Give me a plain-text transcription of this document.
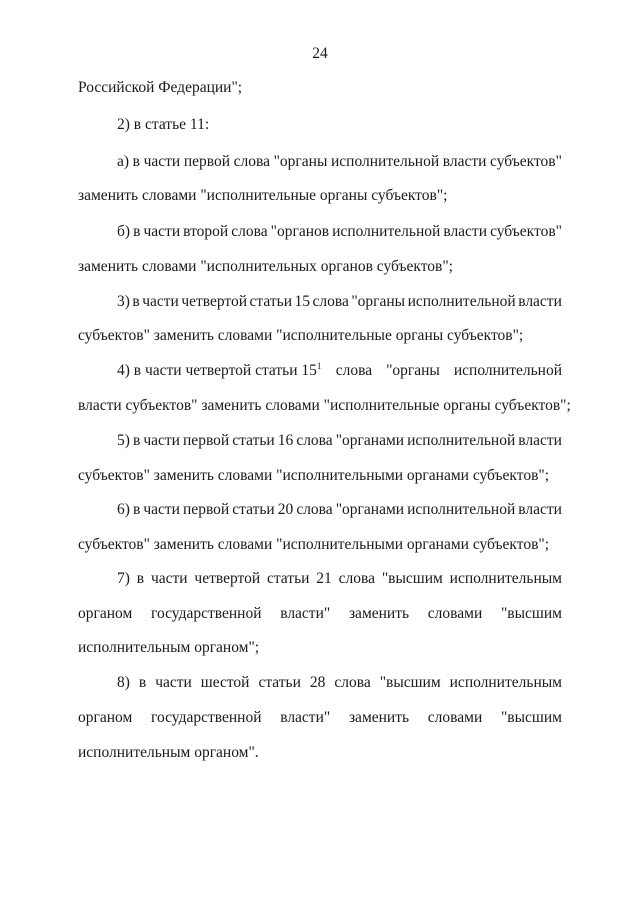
24
Российской Федерации";
2) в статье 11:
а) в части первой слова "органы исполнительной власти субъектов"
заменить словами "исполнительные органы субъектов";
б) в части второй слова "органов исполнительной власти субъектов"
заменить словами "исполнительных органов субъектов";
3) в части четвертой статьи 15 слова "органы исполнительной власти
субъектов" заменить словами "исполнительные органы субъектов";
4) в части четвертой статьи $15^1$ слова "органы исполнительной
власти субъектов" заменить словами "исполнительные органы субъектов";
5) в части первой статьи 16 слова "органами исполнительной власти
субъектов" заменить словами "исполнительными органами субъектов";
6) в части первой статьи 20 слова "органами исполнительной власти
субъектов" заменить словами "исполнительными органами субъектов";
7) в части четвертой статьи 21 слова "высшим исполнительным
органом государственной власти" заменить словами "высшим
исполнительным органом";
8) в части шестой статьи 28 слова "высшим исполнительным
органом государственной власти" заменить словами "высшим
исполнительным органом".
